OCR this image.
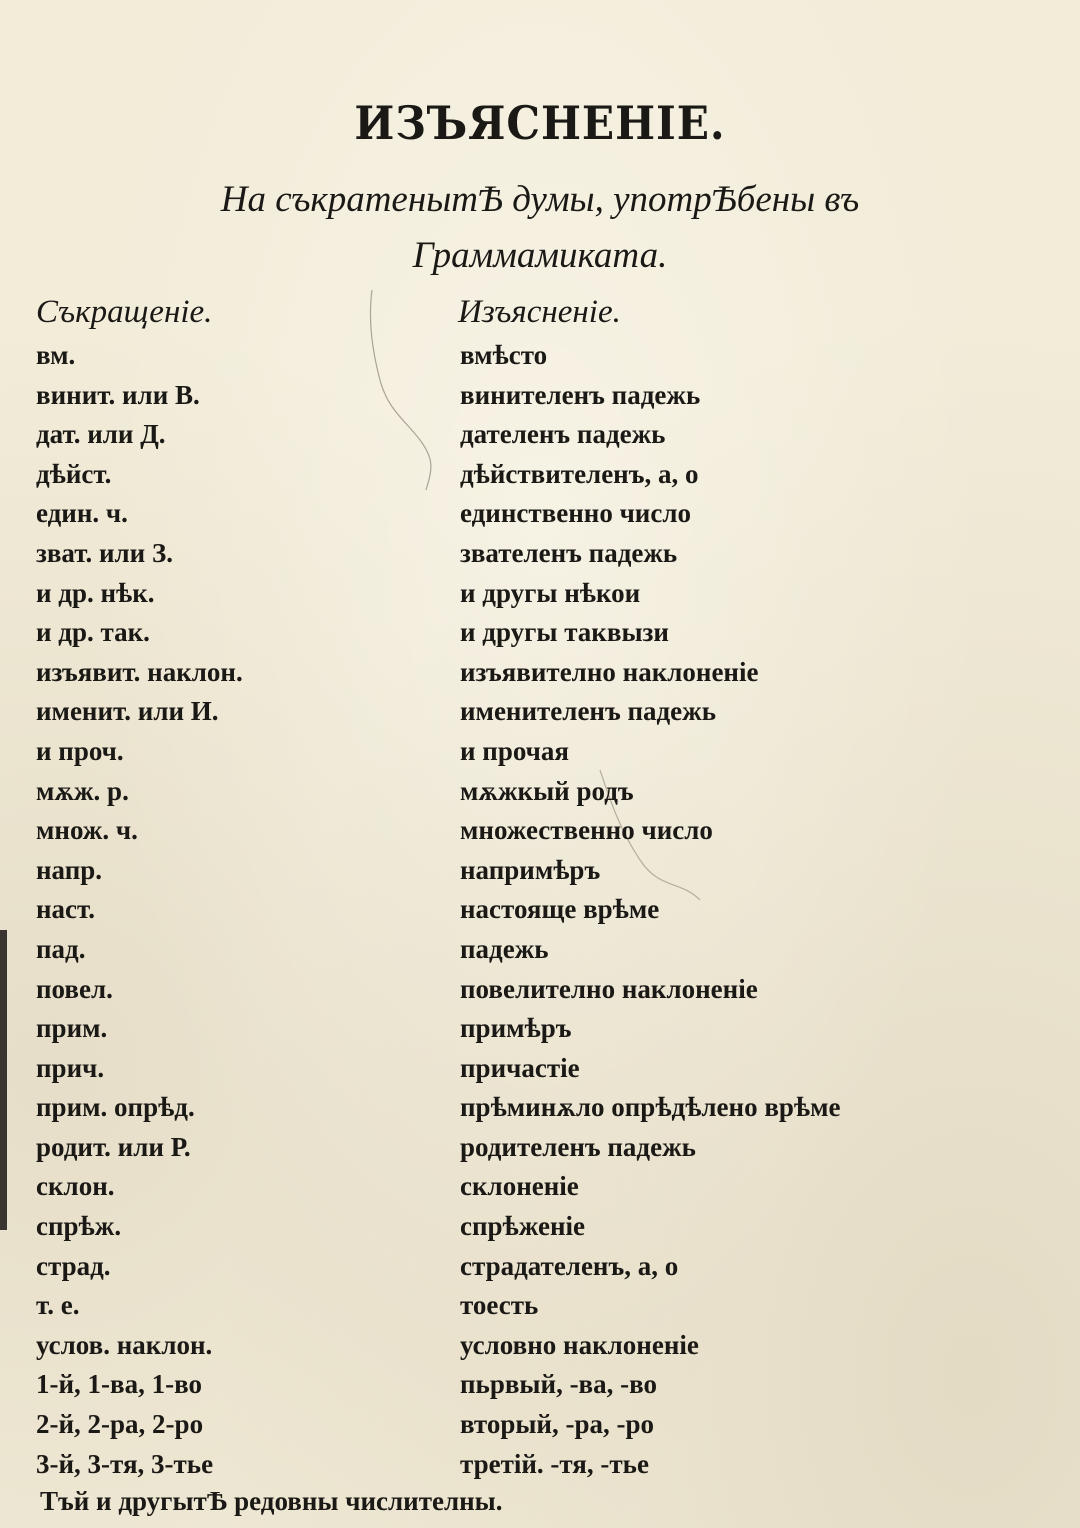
ИЗЪЯСНЕНІЕ.
На съкратенытѢ думы, употрѢбены въ
Граммамиката.
Съкращеніе.	Изъясненіе.
вм.	вмѣсто
винит. или В.	винителенъ падежь
дат. или Д.	дателенъ падежь
дѣйст.	дѣйствителенъ, а, о
един. ч.	единственно число
зват. или З.	звателенъ падежь
и др. нѣк.	и другы нѣкои
и др. так.	и другы таквызи
изъявит. наклон.	изъявително наклоненіе
именит. или И.	именителенъ падежь
и проч.	и прочая
мѫж. р.	мѫжкый родъ
множ. ч.	множественно число
напр.	напримѣръ
наст.	настояще врѣме
пад.	падежь
повел.	повелително наклоненіе
прим.	примѣръ
прич.	причастіе
прим. опрѣд.	прѣминѫло опрѣдѣлено врѣме
родит. или Р.	родителенъ падежь
склон.	склоненіе
спрѣж.	спрѣженіе
страд.	страдателенъ, а, о
т. е.	тоесть
услов. наклон.	условно наклоненіе
1-й, 1-ва, 1-во	пьрвый, -ва, -во
2-й, 2-ра, 2-ро	вторый, -ра, -ро
3-й, 3-тя, 3-тье	третій. -тя, -тье
Тъй и другытѢ редовны числителны.
